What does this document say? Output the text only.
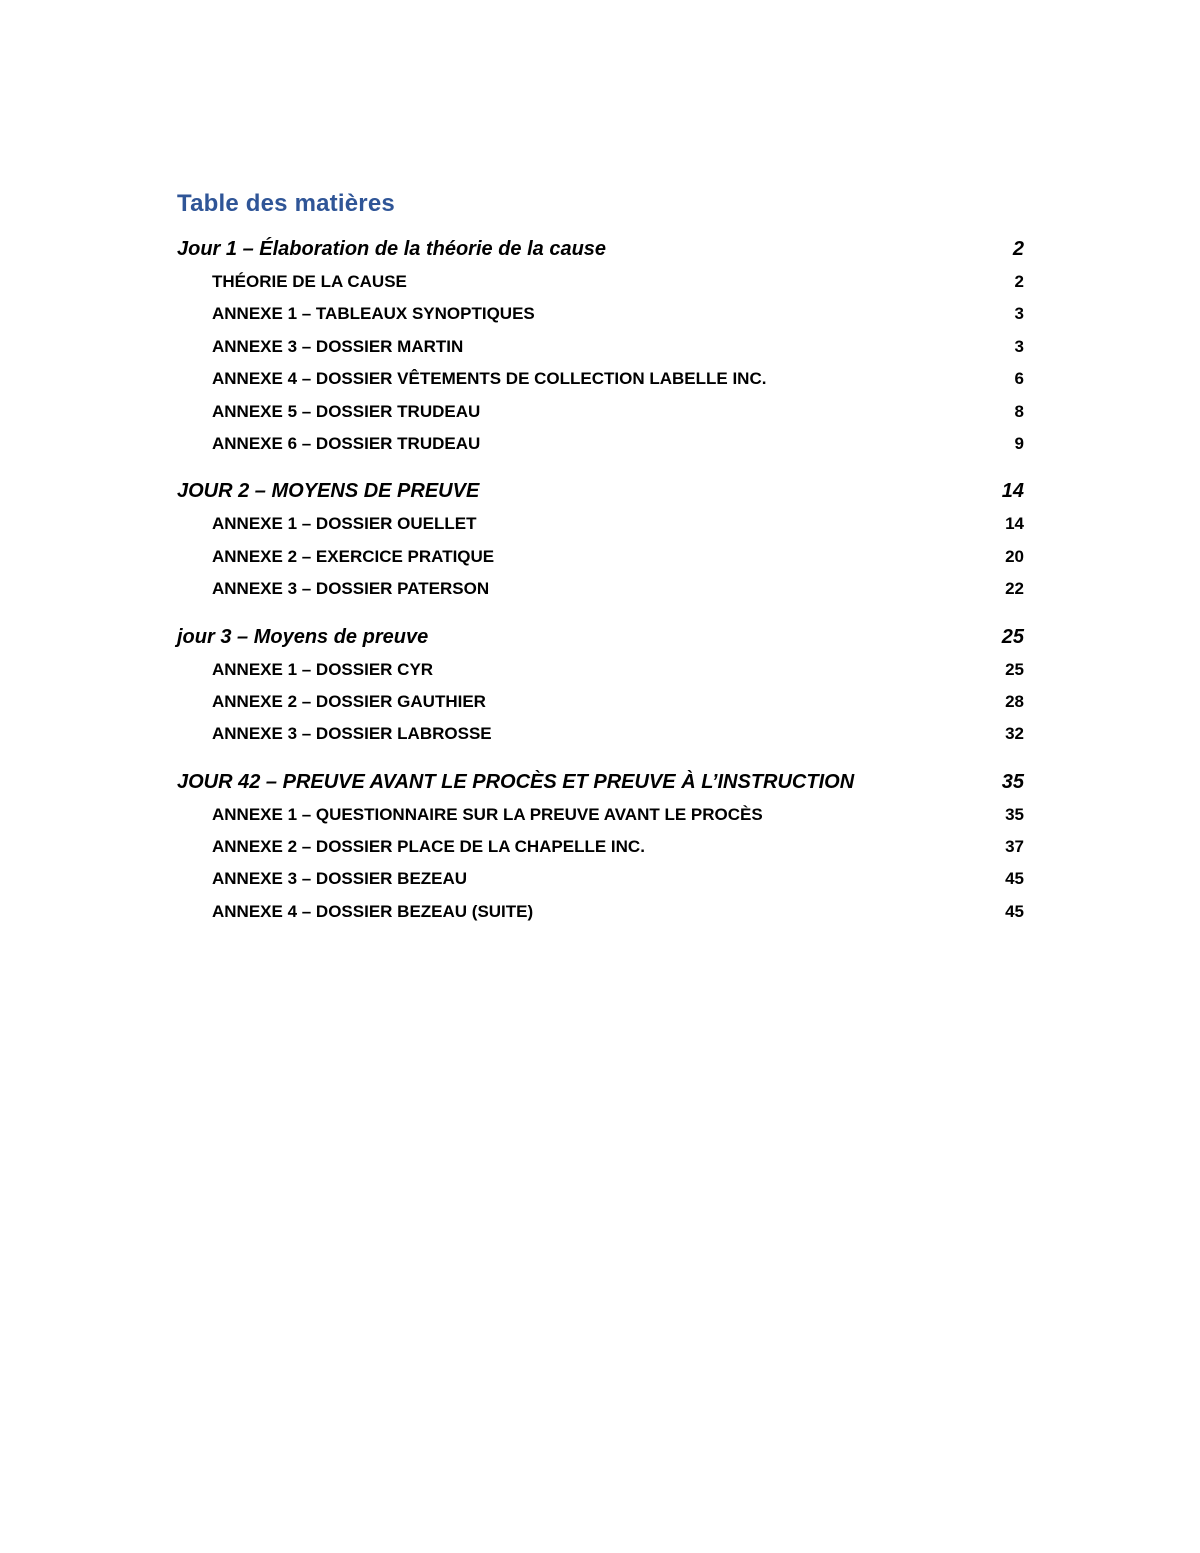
Table des matières
Jour 1 – Élaboration de la théorie de la cause	2
THÉORIE DE LA CAUSE	2
ANNEXE 1 – TABLEAUX SYNOPTIQUES	3
ANNEXE 3 – DOSSIER MARTIN	3
ANNEXE 4 – DOSSIER VÊTEMENTS DE COLLECTION LABELLE INC.	6
ANNEXE 5 – DOSSIER TRUDEAU	8
ANNEXE 6 – DOSSIER TRUDEAU	9
JOUR 2 – MOYENS DE PREUVE	14
ANNEXE 1 – DOSSIER OUELLET	14
ANNEXE 2 – EXERCICE PRATIQUE	20
ANNEXE 3 – DOSSIER PATERSON	22
jour 3 – Moyens de preuve	25
ANNEXE 1 – DOSSIER CYR	25
ANNEXE 2 – DOSSIER GAUTHIER	28
ANNEXE 3 – DOSSIER LABROSSE	32
JOUR 42 – PREUVE AVANT LE PROCÈS ET PREUVE À L’INSTRUCTION	35
ANNEXE 1 – QUESTIONNAIRE SUR LA PREUVE AVANT LE PROCÈS	35
ANNEXE 2 – DOSSIER PLACE DE LA CHAPELLE INC.	37
ANNEXE 3 – DOSSIER BEZEAU	45
ANNEXE 4 – DOSSIER BEZEAU (SUITE)	45
